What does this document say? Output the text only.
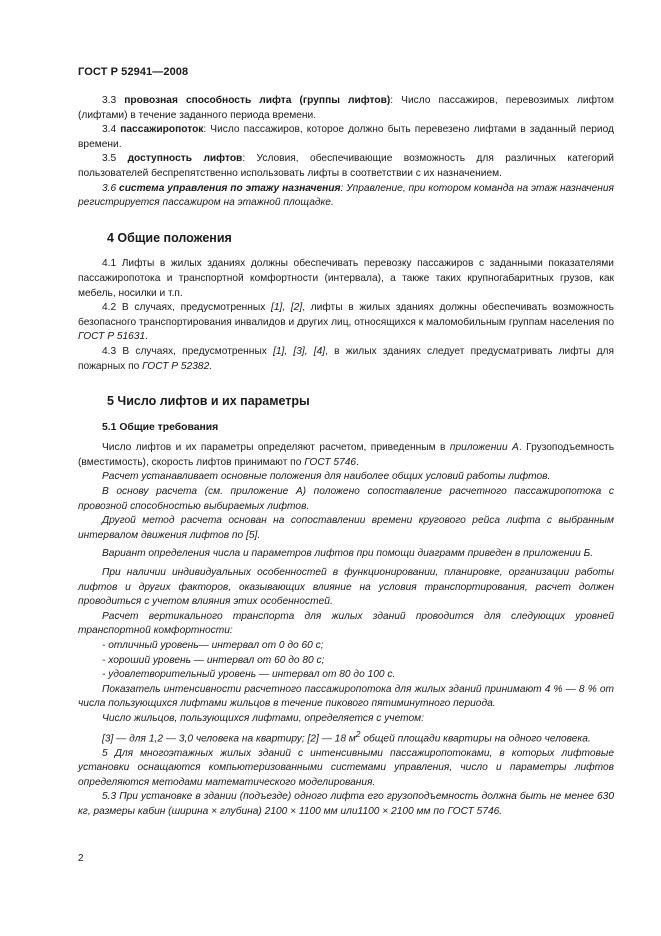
ГОСТ Р 52941—2008

3.3 провозная способность лифта (группы лифтов): Число пассажиров, перевозимых лифтом (лифтами) в течение заданного периода времени.

3.4 пассажиропоток: Число пассажиров, которое должно быть перевезено лифтами в заданный период времени.

3.5 доступность лифтов: Условия, обеспечивающие возможность для различных категорий пользователей беспрепятственно использовать лифты в соответствии с их назначением.

3.6 система управления по этажу назначения: Управление, при котором команда на этаж назначения регистрируется пассажиром на этажной площадке.

4 Общие положения

4.1 Лифты в жилых зданиях должны обеспечивать перевозку пассажиров с заданными показателями пассажиропотока и транспортной комфортности (интервала), а также таких крупногабаритных грузов, как мебель, носилки и т.п.

4.2 В случаях, предусмотренных [1], [2], лифты в жилых зданиях должны обеспечивать возможность безопасного транспортирования инвалидов и других лиц, относящихся к маломобильным группам населения по ГОСТ Р 51631.

4.3 В случаях, предусмотренных [1], [3], [4], в жилых зданиях следует предусматривать лифты для пожарных по ГОСТ Р 52382.

5 Число лифтов и их параметры
5.1 Общие требования

Число лифтов и их параметры определяют расчетом, приведенным в приложении А. Грузоподъемность (вместимость), скорость лифтов принимают по ГОСТ 5746.

Расчет устанавливает основные положения для наиболее общих условий работы лифтов.

В основу расчета (см. приложение А) положено сопоставление расчетного пассажиропотока с провозной способностью выбираемых лифтов.

Другой метод расчета основан на сопоставлении времени кругового рейса лифта с выбранным интервалом движения лифтов по [5].

Вариант определения числа и параметров лифтов при помощи диаграмм приведен в приложении Б.

При наличии индивидуальных особенностей в функционировании, планировке, организации работы лифтов и других факторов, оказывающих влияние на условия транспортирования, расчет должен проводиться с учетом влияния этих особенностей.

Расчет вертикального транспорта для жилых зданий проводится для следующих уровней транспортной комфортности:

- отличный уровень— интервал от 0 до 60 с;

- хороший уровень — интервал от 60 до 80 с;

- удовлетворительный уровень — интервал от 80 до 100 с.

Показатель интенсивности расчетного пассажиропотока для жилых зданий принимают 4 % — 8 % от числа пользующихся лифтами жильцов в течение пикового пятиминутного периода.

Число жильцов, пользующихся лифтами, определяется с учетом:

[3] — для 1,2 — 3,0 человека на квартиру; [2] — 18 $м^2$ общей площади квартиры на одного человека.

5 Для многоэтажных жилых зданий с интенсивными пассажиропотоками, в которых лифтовые установки оснащаются компьютеризованными системами управления, число и параметры лифтов определяются методами математического моделирования.

5.3 При установке в здании (подъезде) одного лифта его грузоподъемность должна быть не менее 630 кг, размеры кабин (ширина × глубина) 2100 × 1100 мм или1100 × 2100 мм по ГОСТ 5746.

2
